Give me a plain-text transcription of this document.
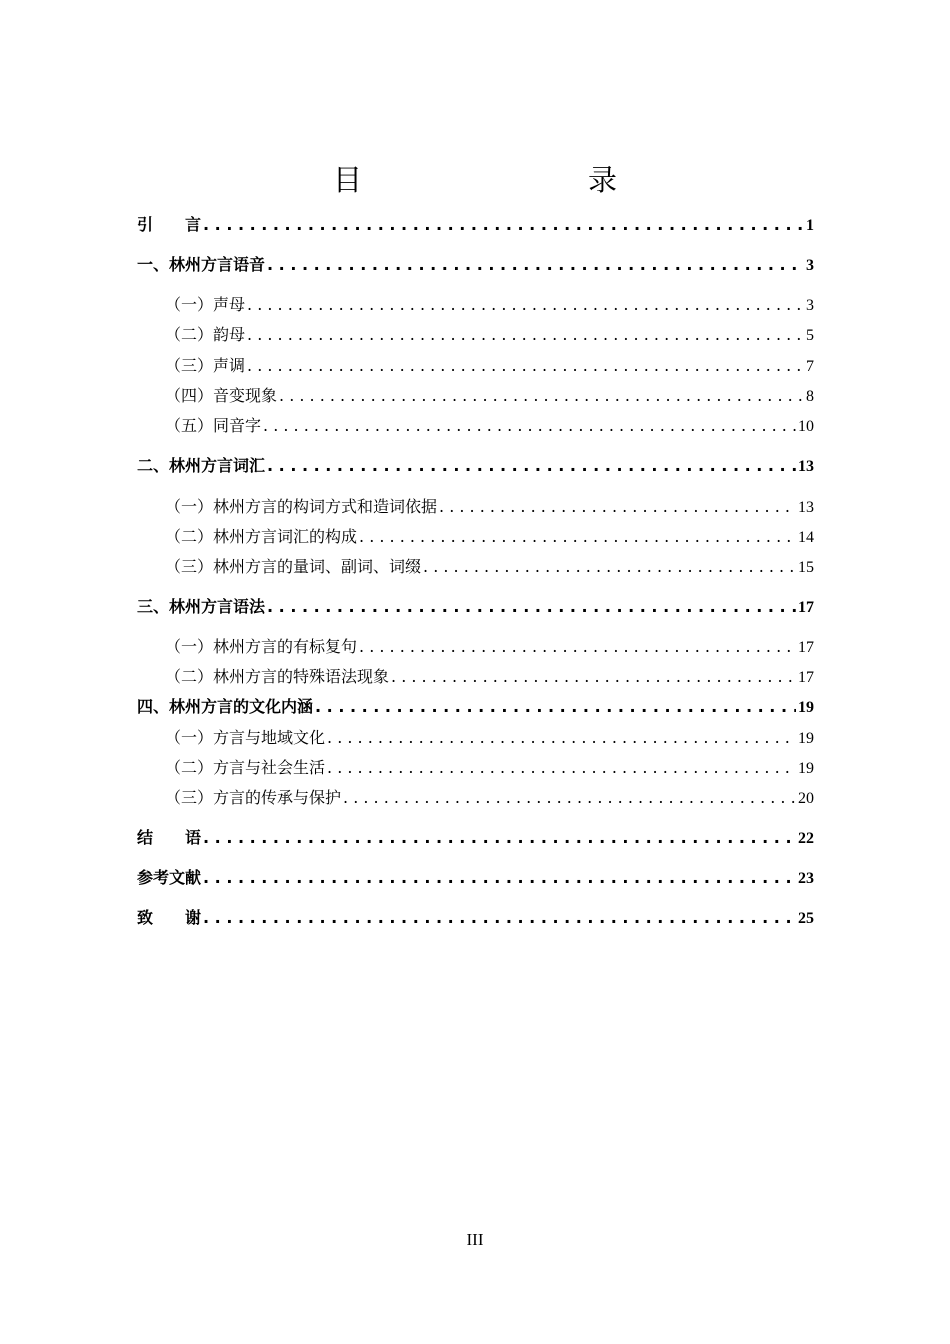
目　　录
引　　言 . . .	1
一、林州方言语音 . . .	3
（一）声母 . . .	3
（二）韵母 . . .	5
（三）声调 . . .	7
（四）音变现象 . . .	8
（五）同音字 . . .	10
二、林州方言词汇 . . .	13
（一）林州方言的构词方式和造词依据 . . .	13
（二）林州方言词汇的构成 . . .	14
（三）林州方言的量词、副词、词缀 . . .	15
三、林州方言语法 . . .	17
（一）林州方言的有标复句 . . .	17
（二）林州方言的特殊语法现象 . . .	17
四、林州方言的文化内涵 . . .	19
（一）方言与地域文化 . . .	19
（二）方言与社会生活 . . .	19
（三）方言的传承与保护 . . .	20
结　　语 . . .	22
参考文献 . . .	23
致　　谢 . . .	25
III
